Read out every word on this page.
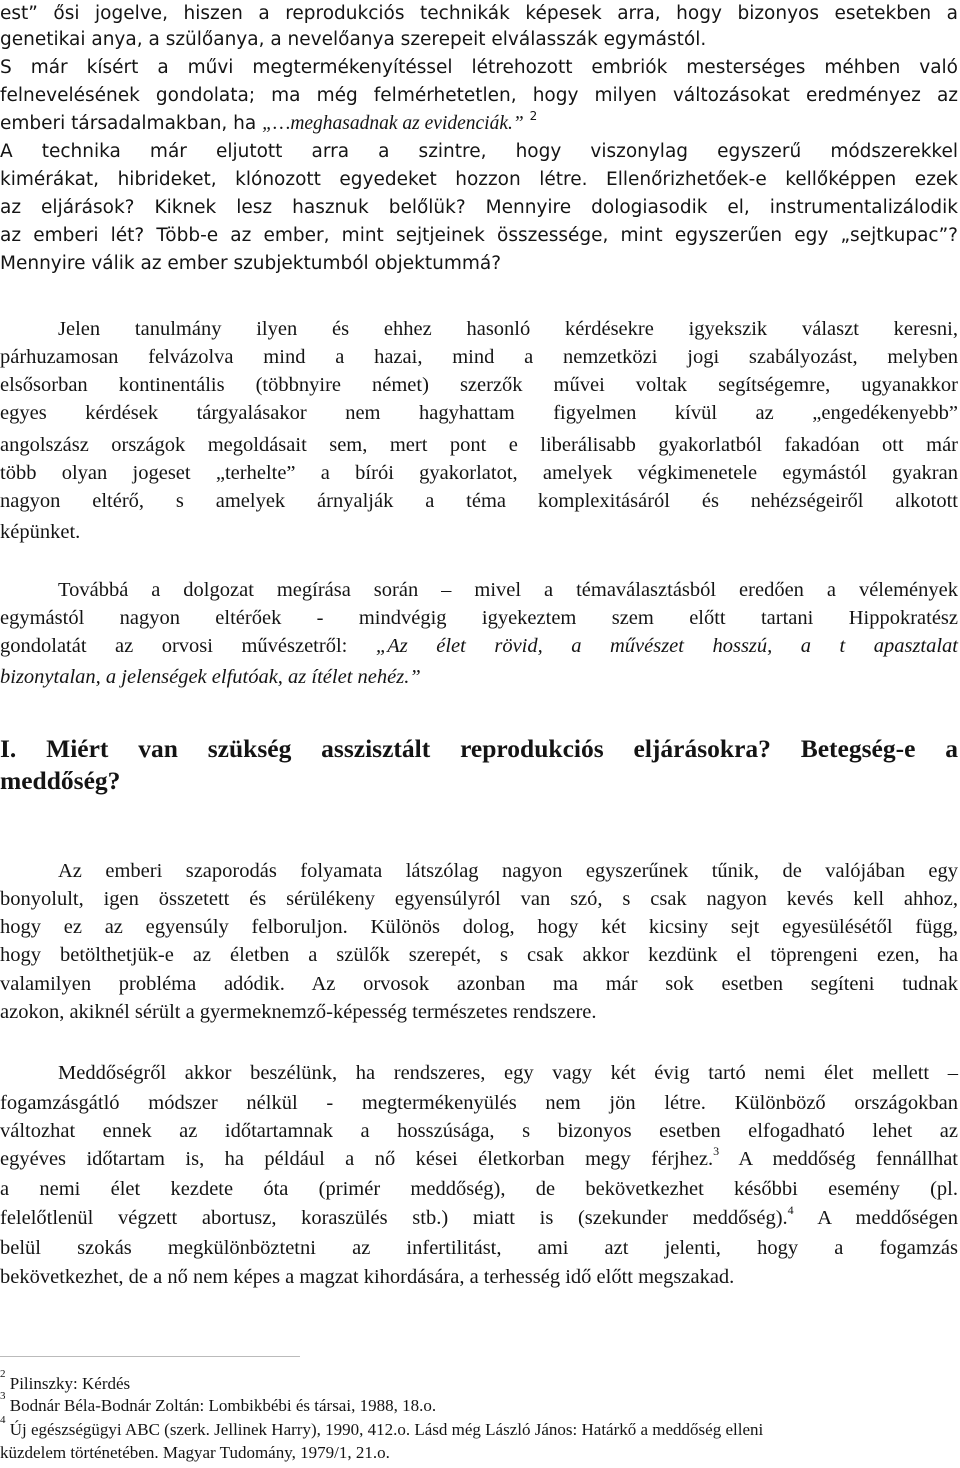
est” ősi jogelve, hiszen a reprodukciós technikák képesek arra, hogy bizonyos esetekben a
genetikai anya, a szülőanya, a nevelőanya szerepeit elválasszák egymástól.
S már kísért a művi megtermékenyítéssel létrehozott embriók mesterséges méhben való
felnevelésének gondolata; ma még felmérhetetlen, hogy milyen változásokat eredményez az
emberi társadalmakban, ha „…meghasadnak az evidenciák.” $^2$
A technika már eljutott arra a szintre, hogy viszonylag egyszerű módszerekkel
kimérákat, hibrideket, klónozott egyedeket hozzon létre. Ellenőrizhetőek-e kellőképpen ezek
az eljárások? Kiknek lesz hasznuk belőlük? Mennyire dologiasodik el, instrumentalizálodik
az emberi lét? Több-e az ember, mint sejtjeinek összessége, mint egyszerűen egy „sejtkupac”?
Mennyire válik az ember szubjektumból objektummá?
Jelen tanulmány ilyen és ehhez hasonló kérdésekre igyekszik választ keresni,
párhuzamosan felvázolva mind a hazai, mind a nemzetközi jogi szabályozást, melyben
elsősorban kontinentális (többnyire német) szerzők művei voltak segítségemre, ugyanakkor
egyes kérdések tárgyalásakor nem hagyhattam figyelmen kívül az „engedékenyebb”
angolszász országok megoldásait sem, mert pont e liberálisabb gyakorlatból fakadóan ott már
több olyan jogeset „terhelte” a bírói gyakorlatot, amelyek végkimenetele egymástól gyakran
nagyon eltérő, s amelyek árnyalják a téma komplexitásáról és nehézségeiről alkotott
képünket.
Továbbá a dolgozat megírása során – mivel a témaválasztásból eredően a vélemények
egymástól nagyon eltérőek - mindvégig igyekeztem szem előtt tartani Hippokratész
gondolatát az orvosi művészetről: „Az élet rövid, a művészet hosszú, a t apasztalat
bizonytalan, a jelenségek elfutóak, az ítélet nehéz.”
I. Miért van szükség asszisztált reprodukciós eljárásokra? Betegség-e a
meddőség?
Az emberi szaporodás folyamata látszólag nagyon egyszerűnek tűnik, de valójában egy
bonyolult, igen összetett és sérülékeny egyensúlyról van szó, s csak nagyon kevés kell ahhoz,
hogy ez az egyensúly felboruljon. Különös dolog, hogy két kicsiny sejt egyesülésétől függ,
hogy betölthetjük-e az életben a szülők szerepét, s csak akkor kezdünk el töprengeni ezen, ha
valamilyen probléma adódik. Az orvosok azonban ma már sok esetben segíteni tudnak
azokon, akiknél sérült a gyermeknemző-képesség természetes rendszere.
Meddőségről akkor beszélünk, ha rendszeres, egy vagy két évig tartó nemi élet mellett –
fogamzásgátló módszer nélkül - megtermékenyülés nem jön létre. Különböző országokban
változhat ennek az időtartamnak a hosszúsága, s bizonyos esetben elfogadható lehet az
egyéves időtartam is, ha például a nő kései életkorban megy férjhez.$^3$ A meddőség fennállhat
a nemi élet kezdete óta (primér meddőség), de bekövetkezhet későbbi esemény (pl.
felelőtlenül végzett abortusz, koraszülés stb.) miatt is (szekunder meddőség).$^4$ A meddőségen
belül szokás megkülönböztetni az infertilitást, ami azt jelenti, hogy a fogamzás
bekövetkezhet, de a nő nem képes a magzat kihordására, a terhesség idő előtt megszakad.
$^2$ Pilinszky: Kérdés
$^3$ Bodnár Béla-Bodnár Zoltán: Lombikbébi és társai, 1988, 18.o.
$^4$ Új egészségügyi ABC (szerk. Jellinek Harry), 1990, 412.o. Lásd még László János: Határkő a meddőség elleni
küzdelem történetében. Magyar Tudomány, 1979/1, 21.o.
